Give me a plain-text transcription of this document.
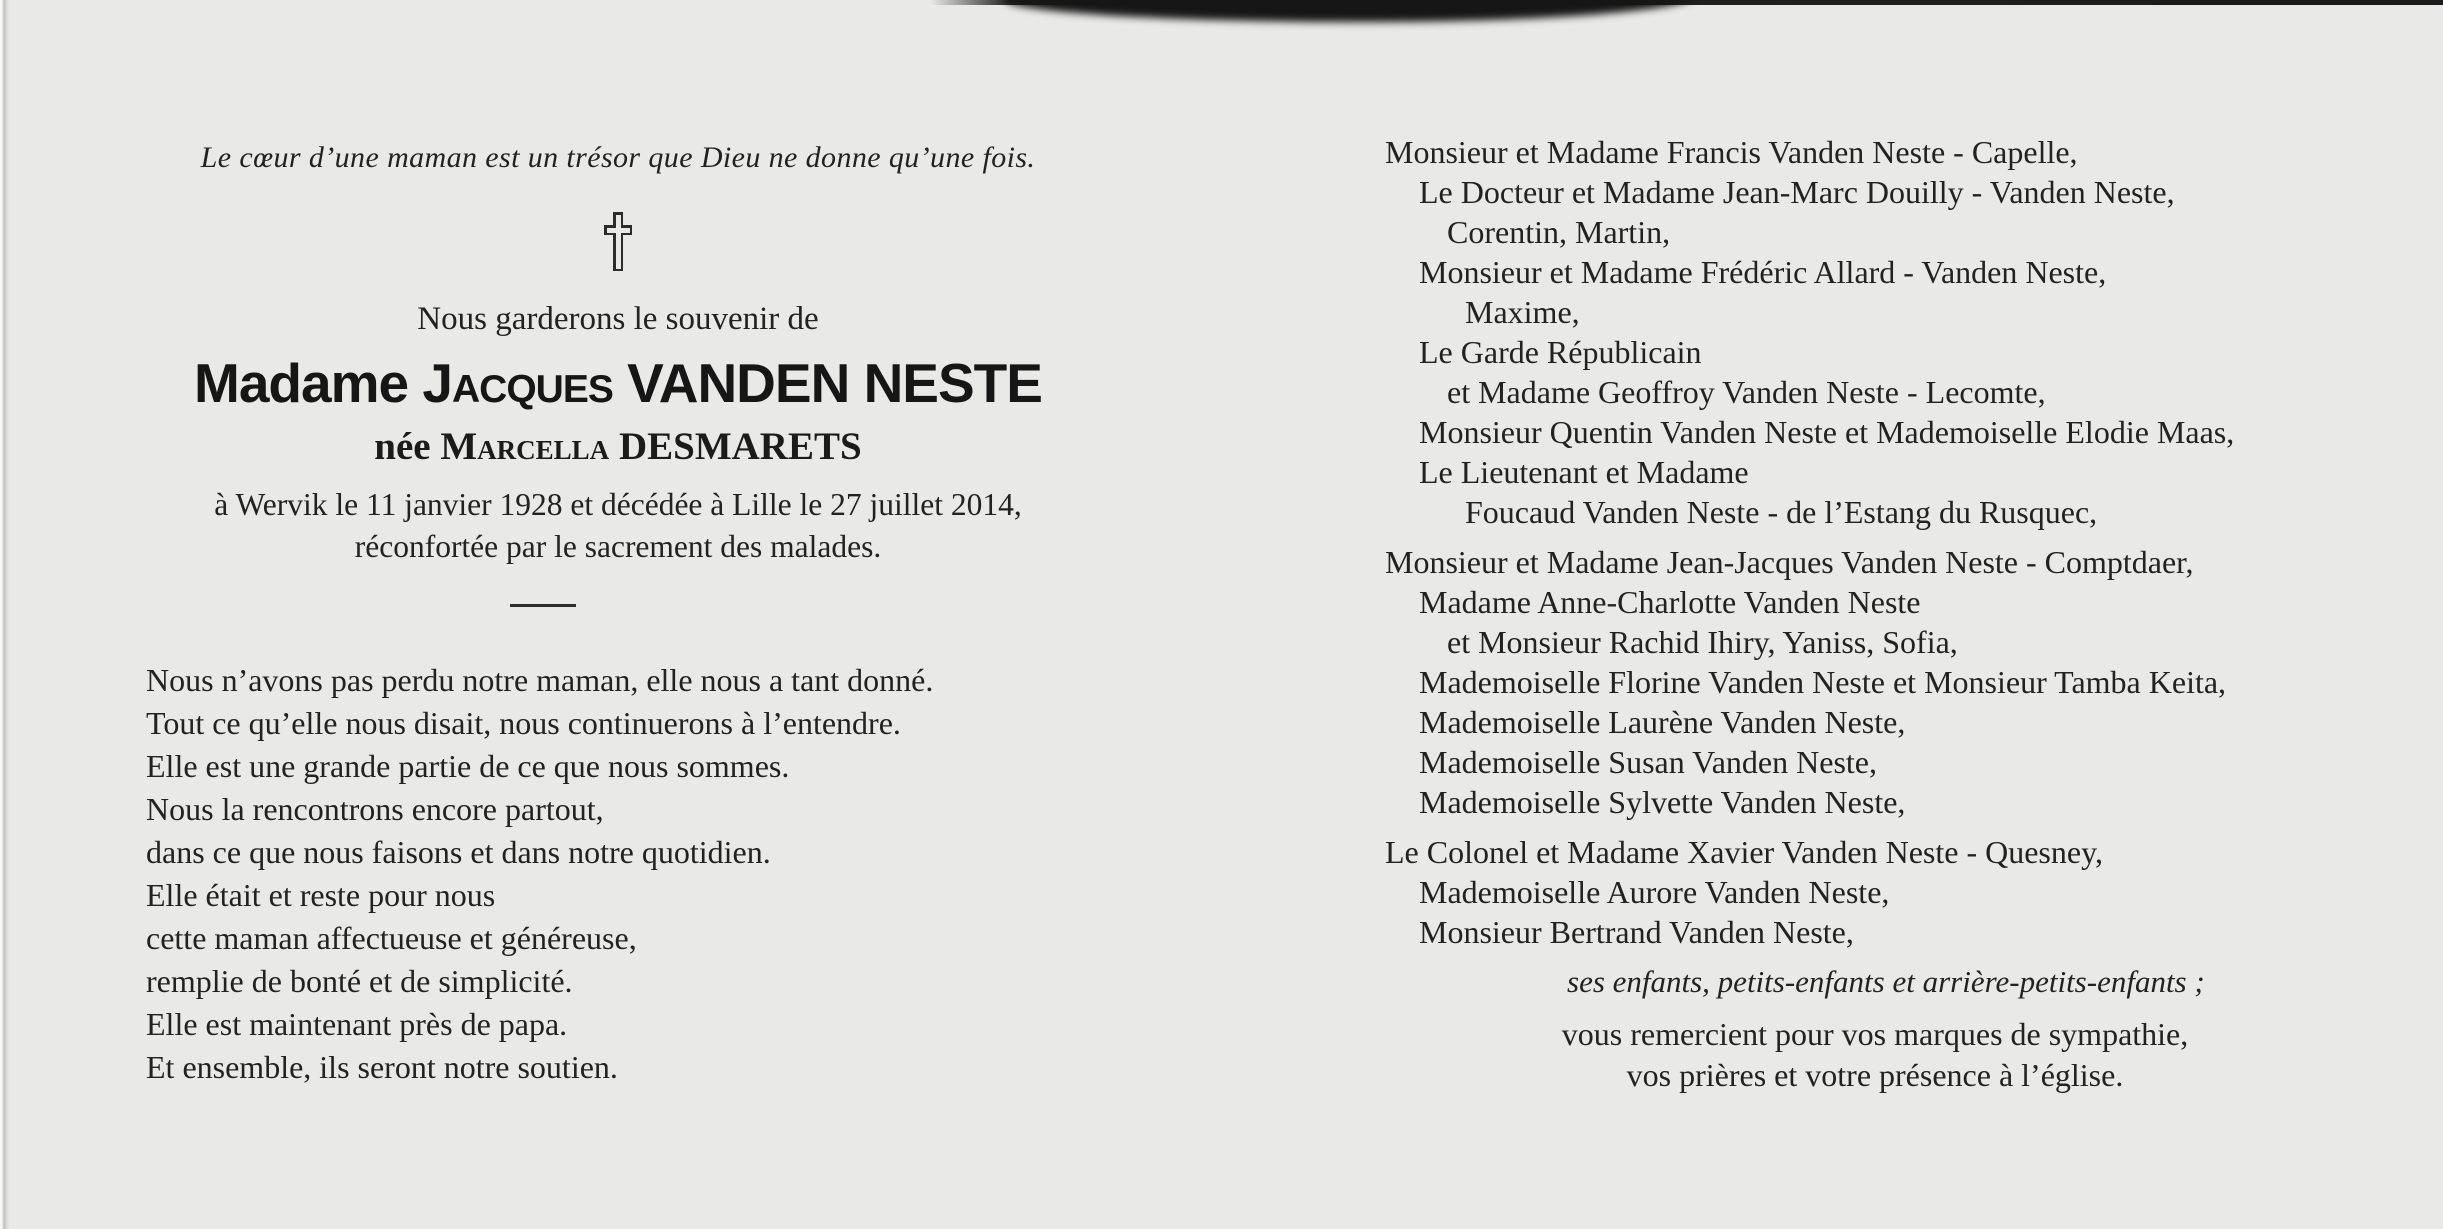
Le cœur d’une maman est un trésor que Dieu ne donne qu’une fois.
Nous garderons le souvenir de
Madame Jacques VANDEN NESTE
née Marcella DESMARETS
à Wervik le 11 janvier 1928 et décédée à Lille le 27 juillet 2014,
réconfortée par le sacrement des malades.
Nous n’avons pas perdu notre maman, elle nous a tant donné.
Tout ce qu’elle nous disait, nous continuerons à l’entendre.
Elle est une grande partie de ce que nous sommes.
Nous la rencontrons encore partout,
dans ce que nous faisons et dans notre quotidien.
Elle était et reste pour nous
cette maman affectueuse et généreuse,
remplie de bonté et de simplicité.
Elle est maintenant près de papa.
Et ensemble, ils seront notre soutien.
Monsieur et Madame Francis Vanden Neste - Capelle,
Le Docteur et Madame Jean-Marc Douilly - Vanden Neste,
Corentin, Martin,
Monsieur et Madame Frédéric Allard - Vanden Neste,
Maxime,
Le Garde Républicain
et Madame Geoffroy Vanden Neste - Lecomte,
Monsieur Quentin Vanden Neste et Mademoiselle Elodie Maas,
Le Lieutenant et Madame
Foucaud Vanden Neste - de l’Estang du Rusquec,
Monsieur et Madame Jean-Jacques Vanden Neste - Comptdaer,
Madame Anne-Charlotte Vanden Neste
et Monsieur Rachid Ihiry, Yaniss, Sofia,
Mademoiselle Florine Vanden Neste et Monsieur Tamba Keita,
Mademoiselle Laurène Vanden Neste,
Mademoiselle Susan Vanden Neste,
Mademoiselle Sylvette Vanden Neste,
Le Colonel et Madame Xavier Vanden Neste - Quesney,
Mademoiselle Aurore Vanden Neste,
Monsieur Bertrand Vanden Neste,
ses enfants, petits-enfants et arrière-petits-enfants ;
vous remercient pour vos marques de sympathie,
vos prières et votre présence à l’église.
